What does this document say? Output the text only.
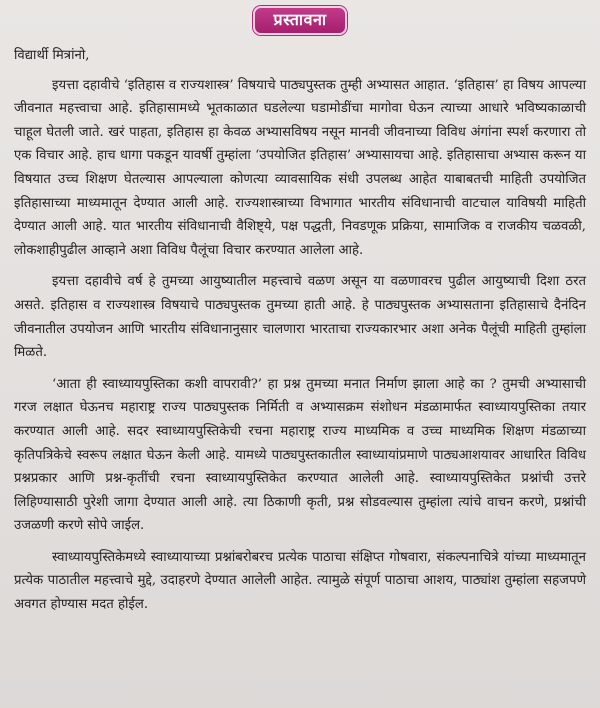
प्रस्तावना

विद्यार्थी मित्रांनो,

इयत्ता दहावीचे ‘इतिहास व राज्यशास्त्र’ विषयाचे पाठ्यपुस्तक तुम्ही अभ्यासत आहात. ‘इतिहास’ हा विषय आपल्या जीवनात महत्त्वाचा आहे. इतिहासामध्ये भूतकाळात घडलेल्या घडामोडींचा मागोवा घेऊन त्याच्या आधारे भविष्यकाळाची चाहूल घेतली जाते. खरं पाहता, इतिहास हा केवळ अभ्यासविषय नसून मानवी जीवनाच्या विविध अंगांना स्पर्श करणारा तो एक विचार आहे. हाच धागा पकडून यावर्षी तुम्हांला ‘उपयोजित इतिहास’ अभ्यासायचा आहे. इतिहासाचा अभ्यास करून या विषयात उच्च शिक्षण घेतल्यास आपल्याला कोणत्या व्यावसायिक संधी उपलब्ध आहेत याबाबतची माहिती उपयोजित इतिहासाच्या माध्यमातून देण्यात आली आहे. राज्यशास्त्राच्या विभागात भारतीय संविधानाची वाटचाल याविषयी माहिती देण्यात आली आहे. यात भारतीय संविधानाची वैशिष्ट्ये, पक्ष पद्धती, निवडणूक प्रक्रिया, सामाजिक व राजकीय चळवळी, लोकशाहीपुढील आव्हाने अशा विविध पैलूंचा विचार करण्यात आलेला आहे.

इयत्ता दहावीचे वर्ष हे तुमच्या आयुष्यातील महत्त्वाचे वळण असून या वळणावरच पुढील आयुष्याची दिशा ठरत असते. इतिहास व राज्यशास्त्र विषयाचे पाठ्यपुस्तक तुमच्या हाती आहे. हे पाठ्यपुस्तक अभ्यासताना इतिहासाचे दैनंदिन जीवनातील उपयोजन आणि भारतीय संविधानानुसार चालणारा भारताचा राज्यकारभार अशा अनेक पैलूंची माहिती तुम्हांला मिळते.

‘आता ही स्वाध्यायपुस्तिका कशी वापरावी?’ हा प्रश्न तुमच्या मनात निर्माण झाला आहे का ? तुमची अभ्यासाची गरज लक्षात घेऊनच महाराष्ट्र राज्य पाठ्यपुस्तक निर्मिती व अभ्यासक्रम संशोधन मंडळामार्फत स्वाध्यायपुस्तिका तयार करण्यात आली आहे. सदर स्वाध्यायपुस्तिकेची रचना महाराष्ट्र राज्य माध्यमिक व उच्च माध्यमिक शिक्षण मंडळाच्या कृतिपत्रिकेचे स्वरूप लक्षात घेऊन केली आहे. यामध्ये पाठ्यपुस्तकातील स्वाध्यायांप्रमाणे पाठ्यआशयावर आधारित विविध प्रश्नप्रकार आणि प्रश्न-कृतींची रचना स्वाध्यायपुस्तिकेत करण्यात आलेली आहे. स्वाध्यायपुस्तिकेत प्रश्नांची उत्तरे लिहिण्यासाठी पुरेशी जागा देण्यात आली आहे. त्या ठिकाणी कृती, प्रश्न सोडवल्यास तुम्हांला त्यांचे वाचन करणे, प्रश्नांची उजळणी करणे सोपे जाईल.

स्वाध्यायपुस्तिकेमध्ये स्वाध्यायाच्या प्रश्नांबरोबरच प्रत्येक पाठाचा संक्षिप्त गोषवारा, संकल्पनाचित्रे यांच्या माध्यमातून प्रत्येक पाठातील महत्त्वाचे मुद्दे, उदाहरणे देण्यात आलेली आहेत. त्यामुळे संपूर्ण पाठाचा आशय, पाठ्यांश तुम्हांला सहजपणे अवगत होण्यास मदत होईल.
